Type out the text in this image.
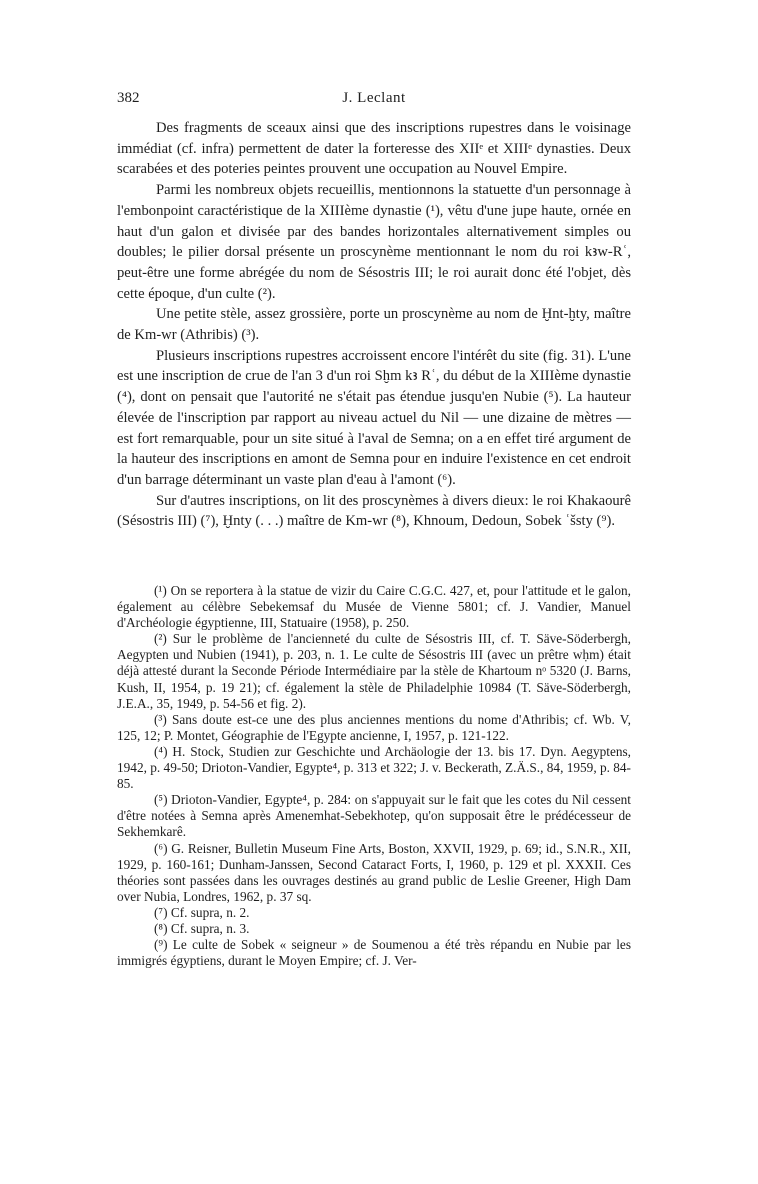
382	J. Leclant

Des fragments de sceaux ainsi que des inscriptions rupestres dans le voisinage immédiat (cf. infra) permettent de dater la forteresse des XIIᵉ et XIIIᵉ dynasties. Deux scarabées et des poteries peintes prouvent une occupation au Nouvel Empire.

Parmi les nombreux objets recueillis, mentionnons la statuette d'un personnage à l'embonpoint caractéristique de la XIIIème dynastie (¹), vêtu d'une jupe haute, ornée en haut d'un galon et divisée par des bandes horizontales alternativement simples ou doubles; le pilier dorsal présente un proscynème mentionnant le nom du roi kꜣw-Rʿ, peut-être une forme abrégée du nom de Sésostris III; le roi aurait donc été l'objet, dès cette époque, d'un culte (²).

Une petite stèle, assez grossière, porte un proscynème au nom de Ḫnt-ḫty, maître de Km-wr (Athribis) (³).

Plusieurs inscriptions rupestres accroissent encore l'intérêt du site (fig. 31). L'une est une inscription de crue de l'an 3 d'un roi Sḫm kꜣ Rʿ, du début de la XIIIème dynastie (⁴), dont on pensait que l'autorité ne s'était pas étendue jusqu'en Nubie (⁵). La hauteur élevée de l'inscription par rapport au niveau actuel du Nil — une dizaine de mètres — est fort remarquable, pour un site situé à l'aval de Semna; on a en effet tiré argument de la hauteur des inscriptions en amont de Semna pour en induire l'existence en cet endroit d'un barrage déterminant un vaste plan d'eau à l'amont (⁶).

Sur d'autres inscriptions, on lit des proscynèmes à divers dieux: le roi Khakaourê (Sésostris III) (⁷), Ḫnty (. . .) maître de Km-wr (⁸), Khnoum, Dedoun, Sobek ʿšsty (⁹).

(¹) On se reportera à la statue de vizir du Caire C.G.C. 427, et, pour l'attitude et le galon, également au célèbre Sebekemsaf du Musée de Vienne 5801; cf. J. Vandier, Manuel d'Archéologie égyptienne, III, Statuaire (1958), p. 250.

(²) Sur le problème de l'ancienneté du culte de Sésostris III, cf. T. Säve-Söderbergh, Aegypten und Nubien (1941), p. 203, n. 1. Le culte de Sésostris III (avec un prêtre wḥm) était déjà attesté durant la Seconde Période Intermédiaire par la stèle de Khartoum nᵒ 5320 (J. Barns, Kush, II, 1954, p. 19 21); cf. également la stèle de Philadelphie 10984 (T. Säve-Söderbergh, J.E.A., 35, 1949, p. 54-56 et fig. 2).

(³) Sans doute est-ce une des plus anciennes mentions du nome d'Athribis; cf. Wb. V, 125, 12; P. Montet, Géographie de l'Egypte ancienne, I, 1957, p. 121-122.

(⁴) H. Stock, Studien zur Geschichte und Archäologie der 13. bis 17. Dyn. Aegyptens, 1942, p. 49-50; Drioton-Vandier, Egypte⁴, p. 313 et 322; J. v. Beckerath, Z.Ä.S., 84, 1959, p. 84-85.

(⁵) Drioton-Vandier, Egypte⁴, p. 284: on s'appuyait sur le fait que les cotes du Nil cessent d'être notées à Semna après Amenemhat-Sebekhotep, qu'on supposait être le prédécesseur de Sekhemkarê.

(⁶) G. Reisner, Bulletin Museum Fine Arts, Boston, XXVII, 1929, p. 69; id., S.N.R., XII, 1929, p. 160-161; Dunham-Janssen, Second Cataract Forts, I, 1960, p. 129 et pl. XXXII. Ces théories sont passées dans les ouvrages destinés au grand public de Leslie Greener, High Dam over Nubia, Londres, 1962, p. 37 sq.

(⁷) Cf. supra, n. 2.

(⁸) Cf. supra, n. 3.

(⁹) Le culte de Sobek « seigneur » de Soumenou a été très répandu en Nubie par les immigrés égyptiens, durant le Moyen Empire; cf. J. Ver-
